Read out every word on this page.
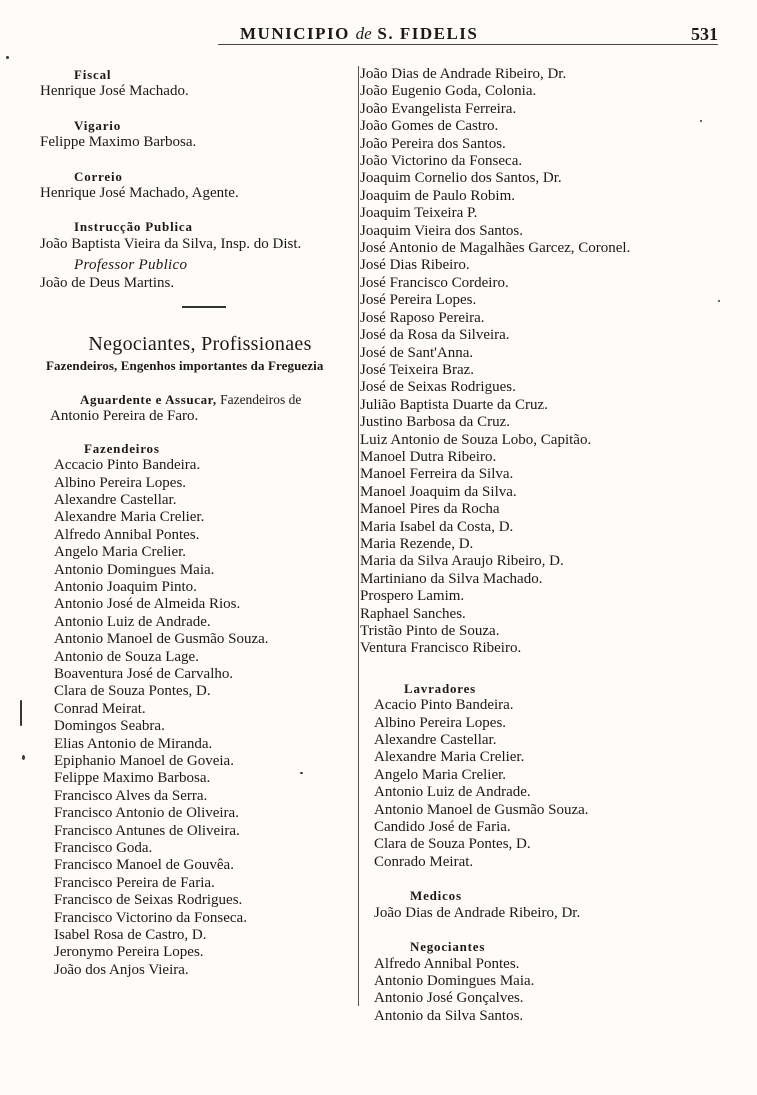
MUNICIPIO de S. FIDELIS	531
Fiscal
Henrique José Machado.
Vigario
Felippe Maximo Barbosa.
Correio
Henrique José Machado, Agente.
Instrucção Publica
João Baptista Vieira da Silva, Insp. do Dist.
Professor Publico
João de Deus Martins.
Negociantes, Profissionaes
Fazendeiros, Engenhos importantes da Freguezia
Aguardente e Assucar, Fazendeiros de
Antonio Pereira de Faro.
Fazendeiros
Accacio Pinto Bandeira.
Albino Pereira Lopes.
Alexandre Castellar.
Alexandre Maria Crelier.
Alfredo Annibal Pontes.
Angelo Maria Crelier.
Antonio Domingues Maia.
Antonio Joaquim Pinto.
Antonio José de Almeida Rios.
Antonio Luiz de Andrade.
Antonio Manoel de Gusmão Souza.
Antonio de Souza Lage.
Boaventura José de Carvalho.
Clara de Souza Pontes, D.
Conrad Meirat.
Domingos Seabra.
Elias Antonio de Miranda.
Epiphanio Manoel de Goveia.
Felippe Maximo Barbosa.
Francisco Alves da Serra.
Francisco Antonio de Oliveira.
Francisco Antunes de Oliveira.
Francisco Goda.
Francisco Manoel de Gouvêa.
Francisco Pereira de Faria.
Francisco de Seixas Rodrigues.
Francisco Victorino da Fonseca.
Isabel Rosa de Castro, D.
Jeronymo Pereira Lopes.
João dos Anjos Vieira.
João Dias de Andrade Ribeiro, Dr.
João Eugenio Goda, Colonia.
João Evangelista Ferreira.
João Gomes de Castro.
João Pereira dos Santos.
João Victorino da Fonseca.
Joaquim Cornelio dos Santos, Dr.
Joaquim de Paulo Robim.
Joaquim Teixeira P.
Joaquim Vieira dos Santos.
José Antonio de Magalhães Garcez, Coronel.
José Dias Ribeiro.
José Francisco Cordeiro.
José Pereira Lopes.
José Raposo Pereira.
José da Rosa da Silveira.
José de Sant'Anna.
José Teixeira Braz.
José de Seixas Rodrigues.
Julião Baptista Duarte da Cruz.
Justino Barbosa da Cruz.
Luiz Antonio de Souza Lobo, Capitão.
Manoel Dutra Ribeiro.
Manoel Ferreira da Silva.
Manoel Joaquim da Silva.
Manoel Pires da Rocha
Maria Isabel da Costa, D.
Maria Rezende, D.
Maria da Silva Araujo Ribeiro, D.
Martiniano da Silva Machado.
Prospero Lamim.
Raphael Sanches.
Tristão Pinto de Souza.
Ventura Francisco Ribeiro.
Lavradores
Acacio Pinto Bandeira.
Albino Pereira Lopes.
Alexandre Castellar.
Alexandre Maria Crelier.
Angelo Maria Crelier.
Antonio Luiz de Andrade.
Antonio Manoel de Gusmão Souza.
Candido José de Faria.
Clara de Souza Pontes, D.
Conrado Meirat.
Medicos
João Dias de Andrade Ribeiro, Dr.
Negociantes
Alfredo Annibal Pontes.
Antonio Domingues Maia.
Antonio José Gonçalves.
Antonio da Silva Santos.
